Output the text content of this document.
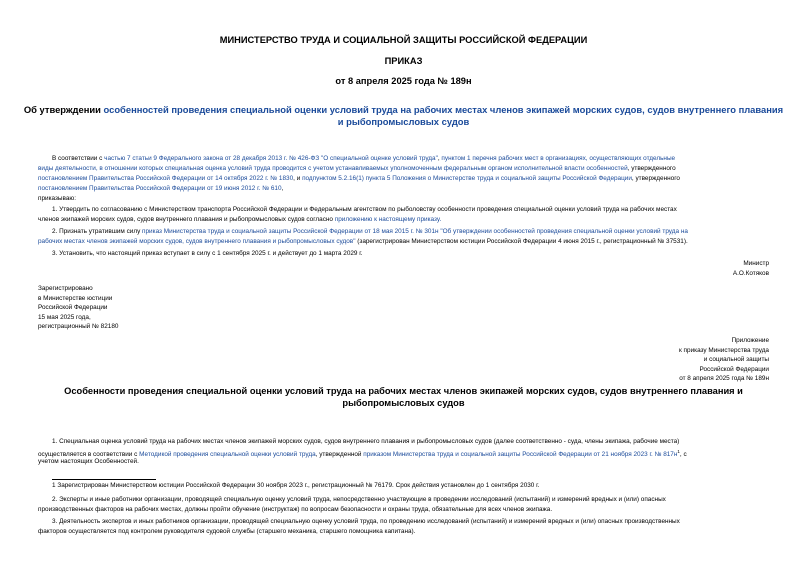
МИНИСТЕРСТВО ТРУДА И СОЦИАЛЬНОЙ ЗАЩИТЫ РОССИЙСКОЙ ФЕДЕРАЦИИ
ПРИКАЗ
от 8 апреля 2025 года № 189н
Об утверждении особенностей проведения специальной оценки условий труда на рабочих местах членов экипажей морских судов, судов внутреннего плавания и рыбопромысловых судов
В соответствии с частью 7 статьи 9 Федерального закона от 28 декабря 2013 г. № 426-ФЗ "О специальной оценке условий труда", пунктом 1 перечня рабочих мест в организациях, осуществляющих отдельные
виды деятельности, в отношении которых специальная оценка условий труда проводится с учетом устанавливаемых уполномоченным федеральным органом исполнительной власти особенностей, утвержденного
постановлением Правительства Российской Федерации от 14 октября 2022 г. № 1830, и подпунктом 5.2.16(1) пункта 5 Положения о Министерстве труда и социальной защиты Российской Федерации, утвержденного
постановлением Правительства Российской Федерации от 19 июня 2012 г. № 610,
приказываю:
1. Утвердить по согласованию с Министерством транспорта Российской Федерации и Федеральным агентством по рыболовству особенности проведения специальной оценки условий труда на рабочих местах
членов экипажей морских судов, судов внутреннего плавания и рыбопромысловых судов согласно приложению к настоящему приказу.
2. Признать утратившим силу приказ Министерства труда и социальной защиты Российской Федерации от 18 мая 2015 г. № 301н "Об утверждении особенностей проведения специальной оценки условий труда на
рабочих местах членов экипажей морских судов, судов внутреннего плавания и рыбопромысловых судов" (зарегистрирован Министерством юстиции Российской Федерации 4 июня 2015 г., регистрационный № 37531).
3. Установить, что настоящий приказ вступает в силу с 1 сентября 2025 г. и действует до 1 марта 2029 г.
Министр
А.О.Котяков
Зарегистрировано
в Министерстве юстиции
Российской Федерации
15 мая 2025 года,
регистрационный № 82180
Приложение
к приказу Министерства труда
и социальной защиты
Российской Федерации
от 8 апреля 2025 года № 189н
Особенности проведения специальной оценки условий труда на рабочих местах членов экипажей морских судов, судов внутреннего плавания и
рыбопромысловых судов
1. Специальная оценка условий труда на рабочих местах членов экипажей морских судов, судов внутреннего плавания и рыбопромысловых судов (далее соответственно - суда, члены экипажа, рабочие места)
осуществляется в соответствии с Методикой проведения специальной оценки условий труда, утвержденной приказом Министерства труда и социальной защиты Российской Федерации от 21 ноября 2023 г. № $817н^1$, с
учетом настоящих Особенностей.
1 Зарегистрирован Министерством юстиции Российской Федерации 30 ноября 2023 г., регистрационный № 76179. Срок действия установлен до 1 сентября 2030 г.
2. Эксперты и иные работники организации, проводящей специальную оценку условий труда, непосредственно участвующие в проведении исследований (испытаний) и измерений вредных и (или) опасных
производственных факторов на рабочих местах, должны пройти обучение (инструктаж) по вопросам безопасности и охраны труда, обязательные для всех членов экипажа.
3. Деятельность экспертов и иных работников организации, проводящей специальную оценку условий труда, по проведению исследований (испытаний) и измерений вредных и (или) опасных производственных
факторов осуществляется под контролем руководителя судовой службы (старшего механика, старшего помощника капитана).
